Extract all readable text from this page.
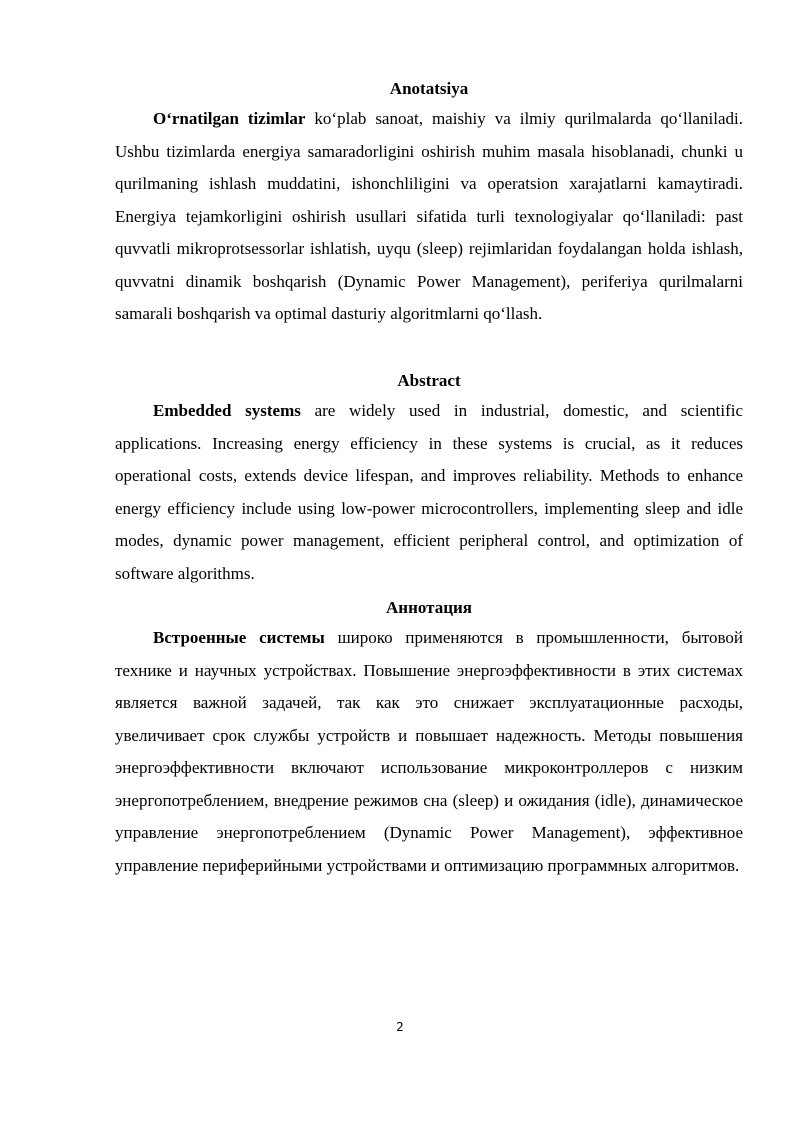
Anotatsiya

Oʻrnatilgan tizimlar koʻplab sanoat, maishiy va ilmiy qurilmalarda qoʻllaniladi. Ushbu tizimlarda energiya samaradorligini oshirish muhim masala hisoblanadi, chunki u qurilmaning ishlash muddatini, ishonchliligini va operatsion xarajatlarni kamaytiradi. Energiya tejamkorligini oshirish usullari sifatida turli texnologiyalar qoʻllaniladi: past quvvatli mikroprotsessorlar ishlatish, uyqu (sleep) rejimlaridan foydalangan holda ishlash, quvvatni dinamik boshqarish (Dynamic Power Management), periferiya qurilmalarni samarali boshqarish va optimal dasturiy algoritmlarni qoʻllash.

Abstract

Embedded systems are widely used in industrial, domestic, and scientific applications. Increasing energy efficiency in these systems is crucial, as it reduces operational costs, extends device lifespan, and improves reliability. Methods to enhance energy efficiency include using low-power microcontrollers, implementing sleep and idle modes, dynamic power management, efficient peripheral control, and optimization of software algorithms.

Аннотация

Встроенные системы широко применяются в промышленности, бытовой технике и научных устройствах. Повышение энергоэффективности в этих системах является важной задачей, так как это снижает эксплуатационные расходы, увеличивает срок службы устройств и повышает надежность. Методы повышения энергоэффективности включают использование микроконтроллеров с низким энергопотреблением, внедрение режимов сна (sleep) и ожидания (idle), динамическое управление энергопотреблением (Dynamic Power Management), эффективное управление периферийными устройствами и оптимизацию программных алгоритмов.

2
